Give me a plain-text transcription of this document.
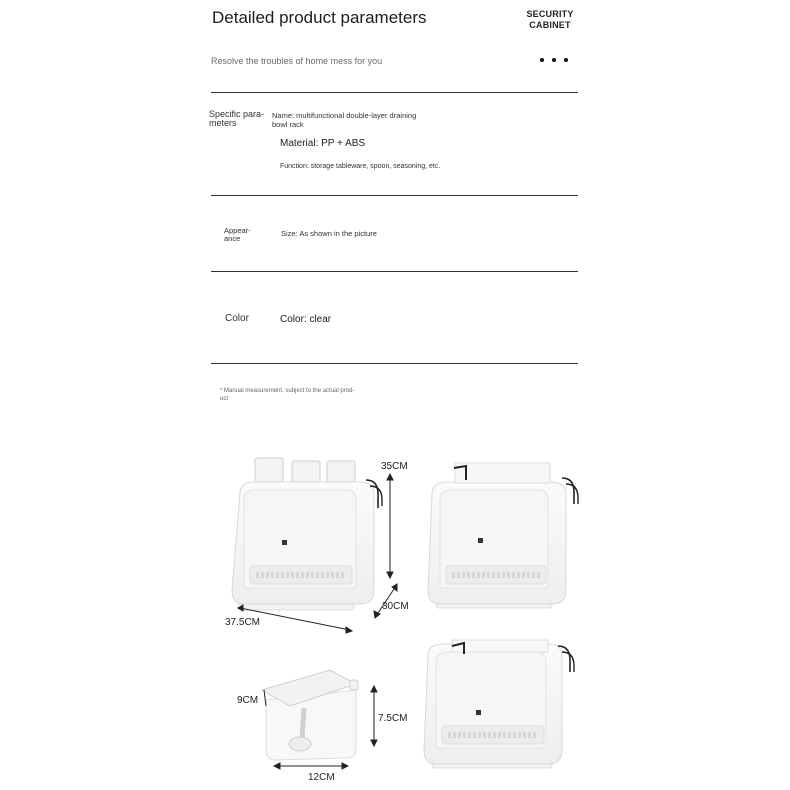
Detailed product parameters	SECURITY
CABINET
Resolve the troubles of home mess for you
Specific para-
meters
Name: multifunctional double-layer draining
bowl rack
Material: PP + ABS
Function: storage tableware, spoon, seasoning, etc.
Appear-
ance
Size: As shown in the picture
Color	Color: clear
* Manual measurement, subject to the actual prod-
uct
35CM
30CM
37.5CM
9CM
7.5CM
12CM
